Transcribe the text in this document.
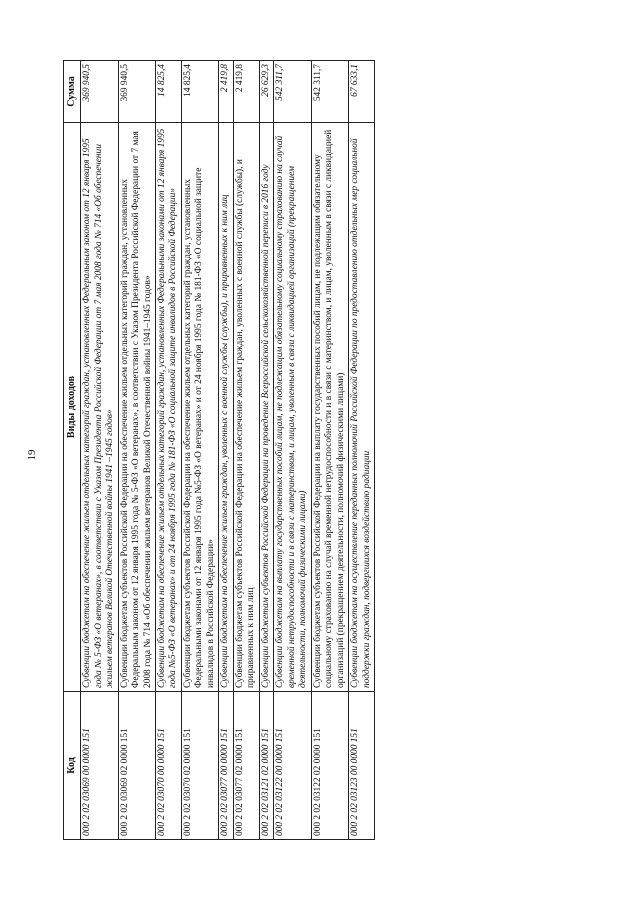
19
Код	Виды доходов	Сумма
000 2 02 03069 00 0000 151	Субвенции бюджетам на обеспечение жильем отдельных категорий граждан, установленных Федеральным законом от 12 января 1995 года № 5-ФЗ «О ветеранах», в соответствии с Указом Президента Российской Федерации от 7 мая 2008 года № 714 «Об обеспечении жильем ветеранов Великой Отечественной войны 1941 –1945 годов»	369 940,5
000 2 02 03069 02 0000 151	Субвенции бюджетам субъектов Российской Федерации на обеспечение жильем отдельных категорий граждан, установленных Федеральным законом от 12 января 1995 года № 5-ФЗ «О ветеранах», в соответствии с Указом Президента Российской Федерации от 7 мая 2008 года № 714 «Об обеспечении жильем ветеранов Великой Отечественной войны 1941–1945 годов»	369 940,5
000 2 02 03070 00 0000 151	Субвенции бюджетам на обеспечение жильем отдельных категорий граждан, установленных Федеральными законами от 12 января 1995 года №5-ФЗ «О ветеранах» и от 24 ноября 1995 года № 181-ФЗ «О социальной защите инвалидов в Российской Федерации»	14 825,4
000 2 02 03070 02 0000 151	Субвенции бюджетам субъектов Российской Федерации на обеспечение жильем отдельных категорий граждан, установленных Федеральными законами от 12 января 1995 года №5-ФЗ «О ветеранах» и от 24 ноября 1995 года № 181-ФЗ «О социальной защите инвалидов в Российской Федерации»	14 825,4
000 2 02 03077 00 0000 151	Субвенции бюджетам на обеспечение жильем граждан, уволенных с военной службы (службы), и приравненных к ним лиц	2 419,8
000 2 02 03077 02 0000 151	Субвенции бюджетам субъектов Российской Федерации на обеспечение жильем граждан, уволенных с военной службы (службы), и приравненных к ним лиц	2 419,8
000 2 02 03121 02 0000 151	Субвенции бюджетам субъектов Российской Федерации на проведение Всероссийской сельскохозяйственной переписи в 2016 году	26 629,3
000 2 02 03122 00 0000 151	Субвенции бюджетам на выплату государственных пособий лицам, не подлежащим обязательному социальному страхованию на случай временной нетрудоспособности и в связи с материнством, и лицам, уволенным в связи с ликвидацией организаций (прекращением деятельности, полномочий физическими лицами)	542 311,7
000 2 02 03122 02 0000 151	Субвенции бюджетам субъектов Российской Федерации на выплату государственных пособий лицам, не подлежащим обязательному социальному страхованию на случай временной нетрудоспособности и в связи с материнством, и лицам, уволенным в связи с ликвидацией организаций (прекращением деятельности, полномочий физическими лицами)	542 311,7
000 2 02 03123 00 0000 151	Субвенции бюджетам на осуществление переданных полномочий Российской Федерации по предоставлению отдельных мер социальной поддержки граждан, подвергшихся воздействию радиации	67 633,1
